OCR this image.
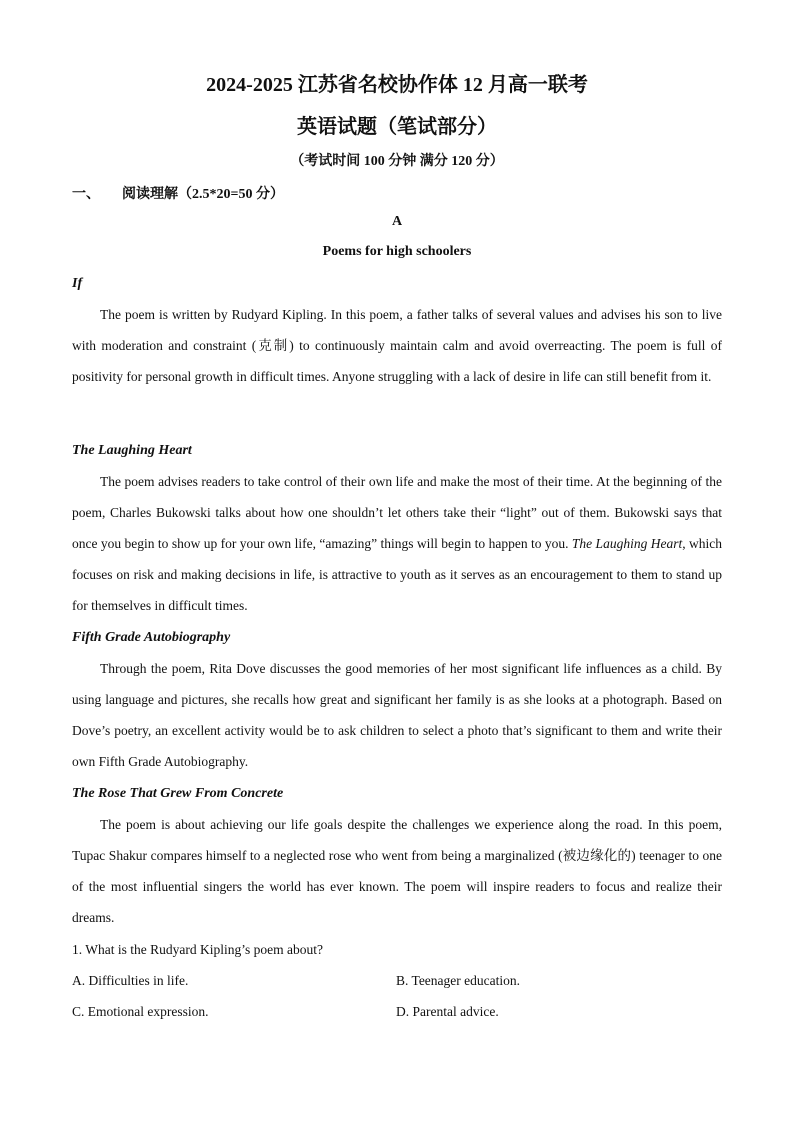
2024-2025 江苏省名校协作体 12 月高一联考
英语试题（笔试部分）
（考试时间 100 分钟 满分 120 分）
一、 阅读理解（2.5*20=50 分）
A
Poems for high schoolers
If

The poem is written by Rudyard Kipling. In this poem, a father talks of several values and advises his son to live with moderation and constraint (克制) to continuously maintain calm and avoid overreacting. The poem is full of positivity for personal growth in difficult times. Anyone struggling with a lack of desire in life can still benefit from it.

The Laughing Heart

The poem advises readers to take control of their own life and make the most of their time. At the beginning of the poem, Charles Bukowski talks about how one shouldn’t let others take their “light” out of them. Bukowski says that once you begin to show up for your own life, “amazing” things will begin to happen to you. The Laughing Heart, which focuses on risk and making decisions in life, is attractive to youth as it serves as an encouragement to them to stand up for themselves in difficult times.

Fifth Grade Autobiography

Through the poem, Rita Dove discusses the good memories of her most significant life influences as a child. By using language and pictures, she recalls how great and significant her family is as she looks at a photograph. Based on Dove’s poetry, an excellent activity would be to ask children to select a photo that’s significant to them and write their own Fifth Grade Autobiography.

The Rose That Grew From Concrete

The poem is about achieving our life goals despite the challenges we experience along the road. In this poem, Tupac Shakur compares himself to a neglected rose who went from being a marginalized (被边缘化的) teenager to one of the most influential singers the world has ever known. The poem will inspire readers to focus and realize their dreams.

1. What is the Rudyard Kipling’s poem about?
A. Difficulties in life.	B. Teenager education.
C. Emotional expression.	D. Parental advice.
